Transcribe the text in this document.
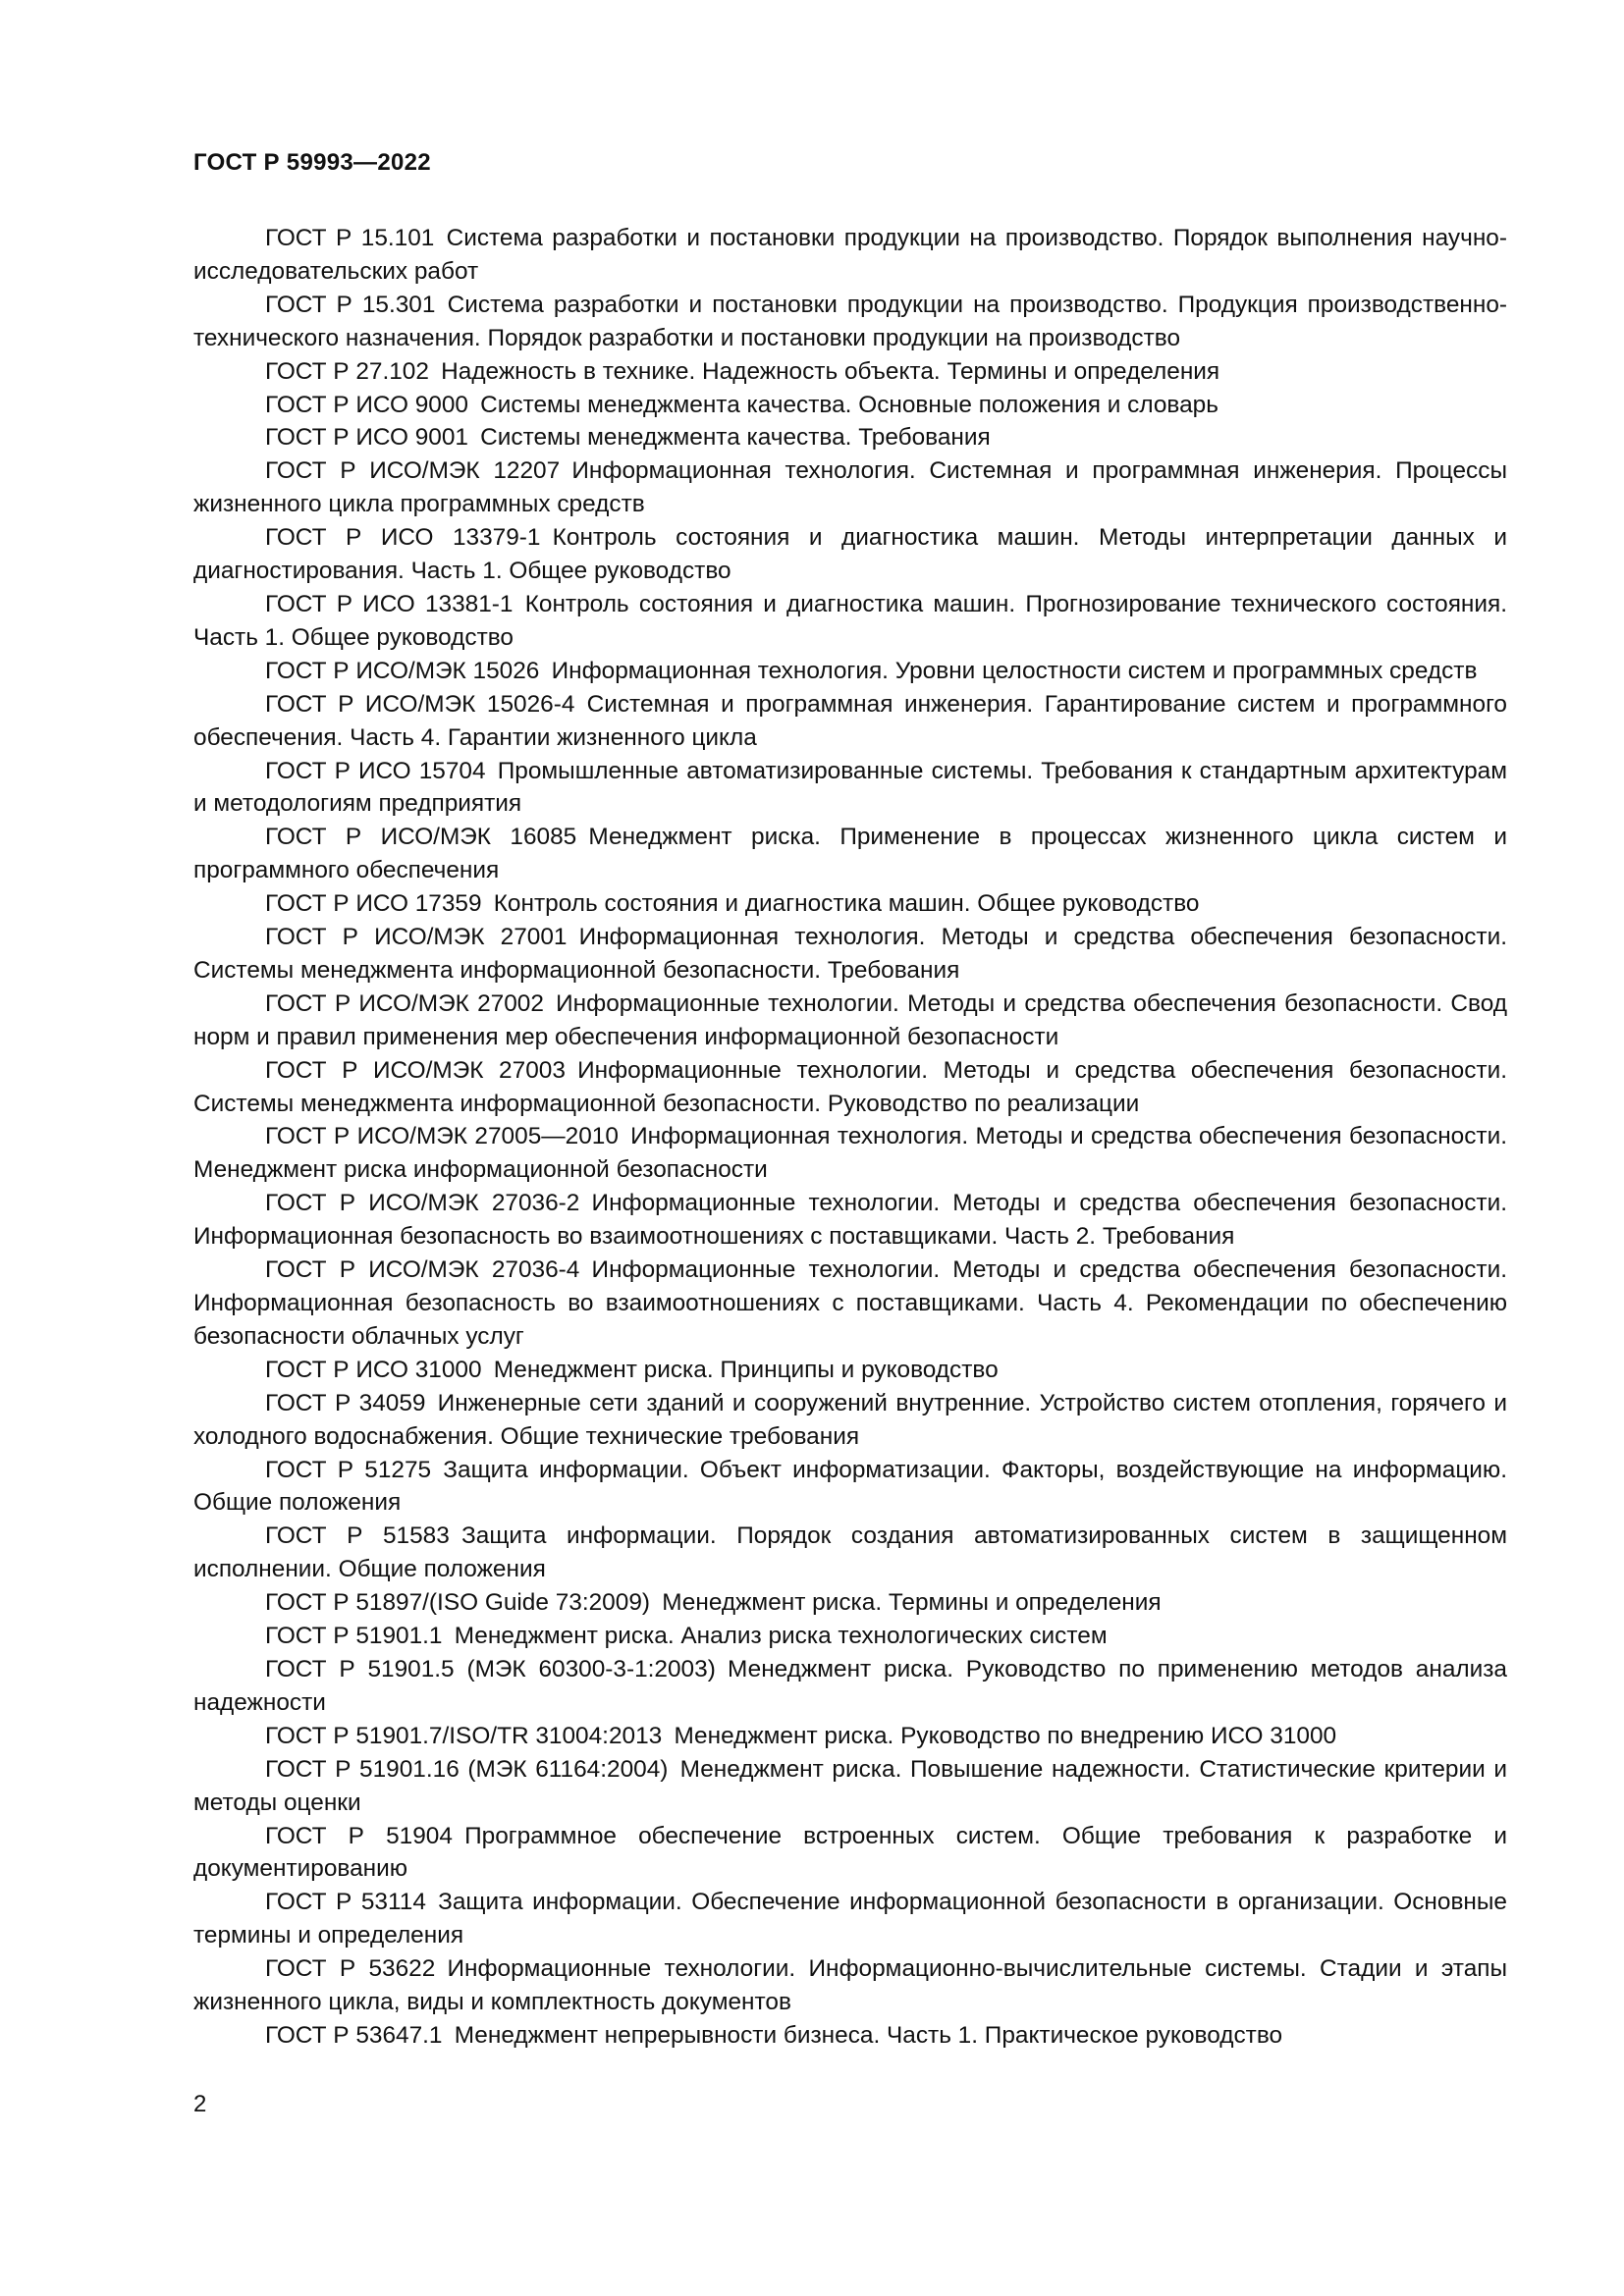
ГОСТ Р 59993—2022
ГОСТ Р 15.101  Система разработки и постановки продукции на производство. Порядок выполнения научно-исследовательских работ
ГОСТ Р 15.301  Система разработки и постановки продукции на производство. Продукция производственно-технического назначения. Порядок разработки и постановки продукции на производство
ГОСТ Р 27.102  Надежность в технике. Надежность объекта. Термины и определения
ГОСТ Р ИСО 9000  Системы менеджмента качества. Основные положения и словарь
ГОСТ Р ИСО 9001  Системы менеджмента качества. Требования
ГОСТ Р ИСО/МЭК 12207  Информационная технология. Системная и программная инженерия. Процессы жизненного цикла программных средств
ГОСТ Р ИСО 13379-1  Контроль состояния и диагностика машин. Методы интерпретации данных и диагностирования. Часть 1. Общее руководство
ГОСТ Р ИСО 13381-1  Контроль состояния и диагностика машин. Прогнозирование технического состояния. Часть 1. Общее руководство
ГОСТ Р ИСО/МЭК 15026  Информационная технология. Уровни целостности систем и программных средств
ГОСТ Р ИСО/МЭК 15026-4  Системная и программная инженерия. Гарантирование систем и программного обеспечения. Часть 4. Гарантии жизненного цикла
ГОСТ Р ИСО 15704  Промышленные автоматизированные системы. Требования к стандартным архитектурам и методологиям предприятия
ГОСТ Р ИСО/МЭК 16085  Менеджмент риска. Применение в процессах жизненного цикла систем и программного обеспечения
ГОСТ Р ИСО 17359  Контроль состояния и диагностика машин. Общее руководство
ГОСТ Р ИСО/МЭК 27001  Информационная технология. Методы и средства обеспечения безопасности. Системы менеджмента информационной безопасности. Требования
ГОСТ Р ИСО/МЭК 27002  Информационные технологии. Методы и средства обеспечения безопасности. Свод норм и правил применения мер обеспечения информационной безопасности
ГОСТ Р ИСО/МЭК 27003  Информационные технологии. Методы и средства обеспечения безопасности. Системы менеджмента информационной безопасности. Руководство по реализации
ГОСТ Р ИСО/МЭК 27005—2010  Информационная технология. Методы и средства обеспечения безопасности. Менеджмент риска информационной безопасности
ГОСТ Р ИСО/МЭК 27036-2  Информационные технологии. Методы и средства обеспечения безопасности. Информационная безопасность во взаимоотношениях с поставщиками. Часть 2. Требования
ГОСТ Р ИСО/МЭК 27036-4  Информационные технологии. Методы и средства обеспечения безопасности. Информационная безопасность во взаимоотношениях с поставщиками. Часть 4. Рекомендации по обеспечению безопасности облачных услуг
ГОСТ Р ИСО 31000  Менеджмент риска. Принципы и руководство
ГОСТ Р 34059  Инженерные сети зданий и сооружений внутренние. Устройство систем отопления, горячего и холодного водоснабжения. Общие технические требования
ГОСТ Р 51275  Защита информации. Объект информатизации. Факторы, воздействующие на информацию. Общие положения
ГОСТ Р 51583  Защита информации. Порядок создания автоматизированных систем в защищенном исполнении. Общие положения
ГОСТ Р 51897/(ISO Guide 73:2009)  Менеджмент риска. Термины и определения
ГОСТ Р 51901.1  Менеджмент риска. Анализ риска технологических систем
ГОСТ Р 51901.5 (МЭК 60300-3-1:2003)  Менеджмент риска. Руководство по применению методов анализа надежности
ГОСТ Р 51901.7/ISO/TR 31004:2013  Менеджмент риска. Руководство по внедрению ИСО 31000
ГОСТ Р 51901.16 (МЭК 61164:2004)  Менеджмент риска. Повышение надежности. Статистические критерии и методы оценки
ГОСТ Р 51904  Программное обеспечение встроенных систем. Общие требования к разработке и документированию
ГОСТ Р 53114  Защита информации. Обеспечение информационной безопасности в организации. Основные термины и определения
ГОСТ Р 53622  Информационные технологии. Информационно-вычислительные системы. Стадии и этапы жизненного цикла, виды и комплектность документов
ГОСТ Р 53647.1  Менеджмент непрерывности бизнеса. Часть 1. Практическое руководство
2
